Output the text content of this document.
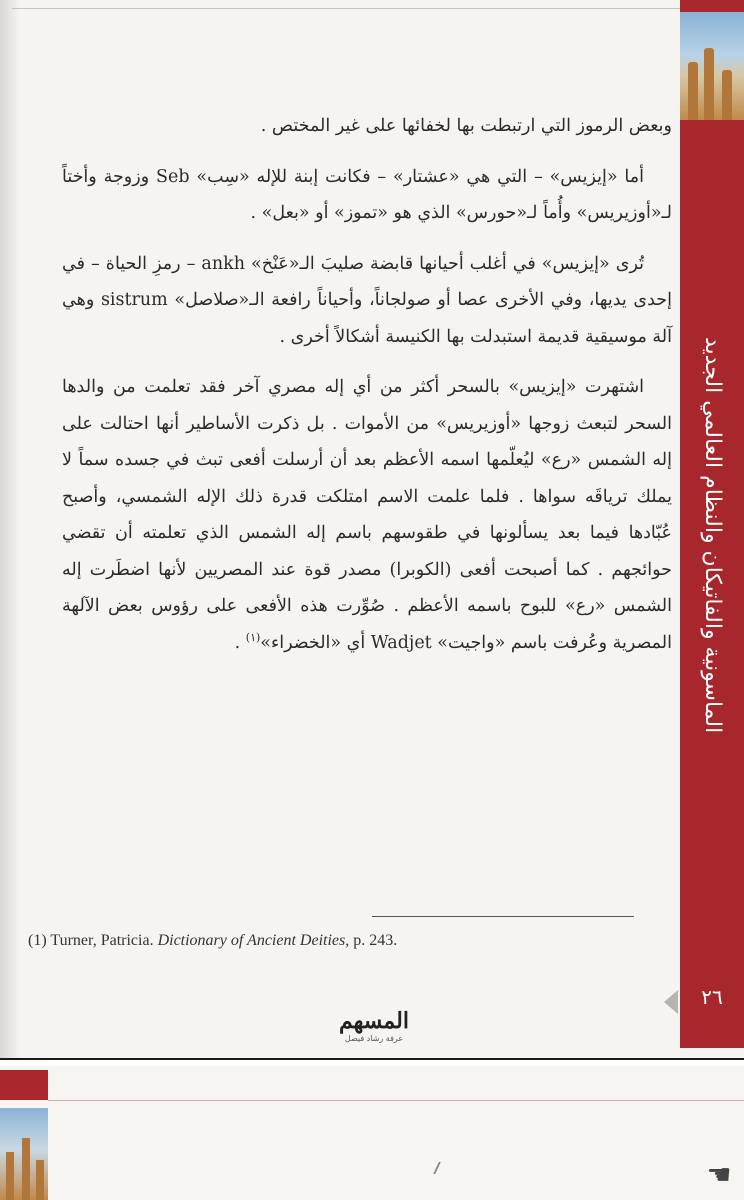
الماسونية والفاتيكان والنظام العالمي الجديد
٢٦

وبعض الرموز التي ارتبطت بها لخفائها على غير المختص .

أما «إيزيس» – التي هي «عشتار» – فكانت إبنة للإله «سِب» Seb وزوجة وأختاً لـ«أوزيريس» وأُماً لـ«حورس» الذي هو «تموز» أو «بعل» .

تُرى «إيزيس» في أغلب أحيانها قابضة صليبَ الـ«عَنْخ» ankh – رمزِ الحياة – في إحدى يديها، وفي الأخرى عصا أو صولجاناً، وأحياناً رافعة الـ«صلاصل» sistrum وهي آلة موسيقية قديمة استبدلت بها الكنيسة أشكالاً أخرى .

اشتهرت «إيزيس» بالسحر أكثر من أي إله مصري آخر فقد تعلمت من والدها السحر لتبعث زوجها «أوزيريس» من الأموات . بل ذكرت الأساطير أنها احتالت على إله الشمس «رع» ليُعلّمها اسمه الأعظم بعد أن أرسلت أفعى تبث في جسده سماً لا يملك ترياقَه سواها . فلما علمت الاسم امتلكت قدرة ذلك الإله الشمسي، وأصبح عُبّادها فيما بعد يسألونها في طقوسهم باسم إله الشمس الذي تعلمته أن تقضي حوائجهم . كما أصبحت أفعى (الكوبرا) مصدر قوة عند المصريين لأنها اضطَرت إله الشمس «رع» للبوح باسمه الأعظم . صُوِّرت هذه الأفعى على رؤوس بعض الآلهة المصرية وعُرفت باسم «واجيت» Wadjet أي «الخضراء»$^{(١)}$ .

(1) Turner, Patricia. Dictionary of Ancient Deities, p. 243.
المسهم
عرفة رشاد فيصل
☚
